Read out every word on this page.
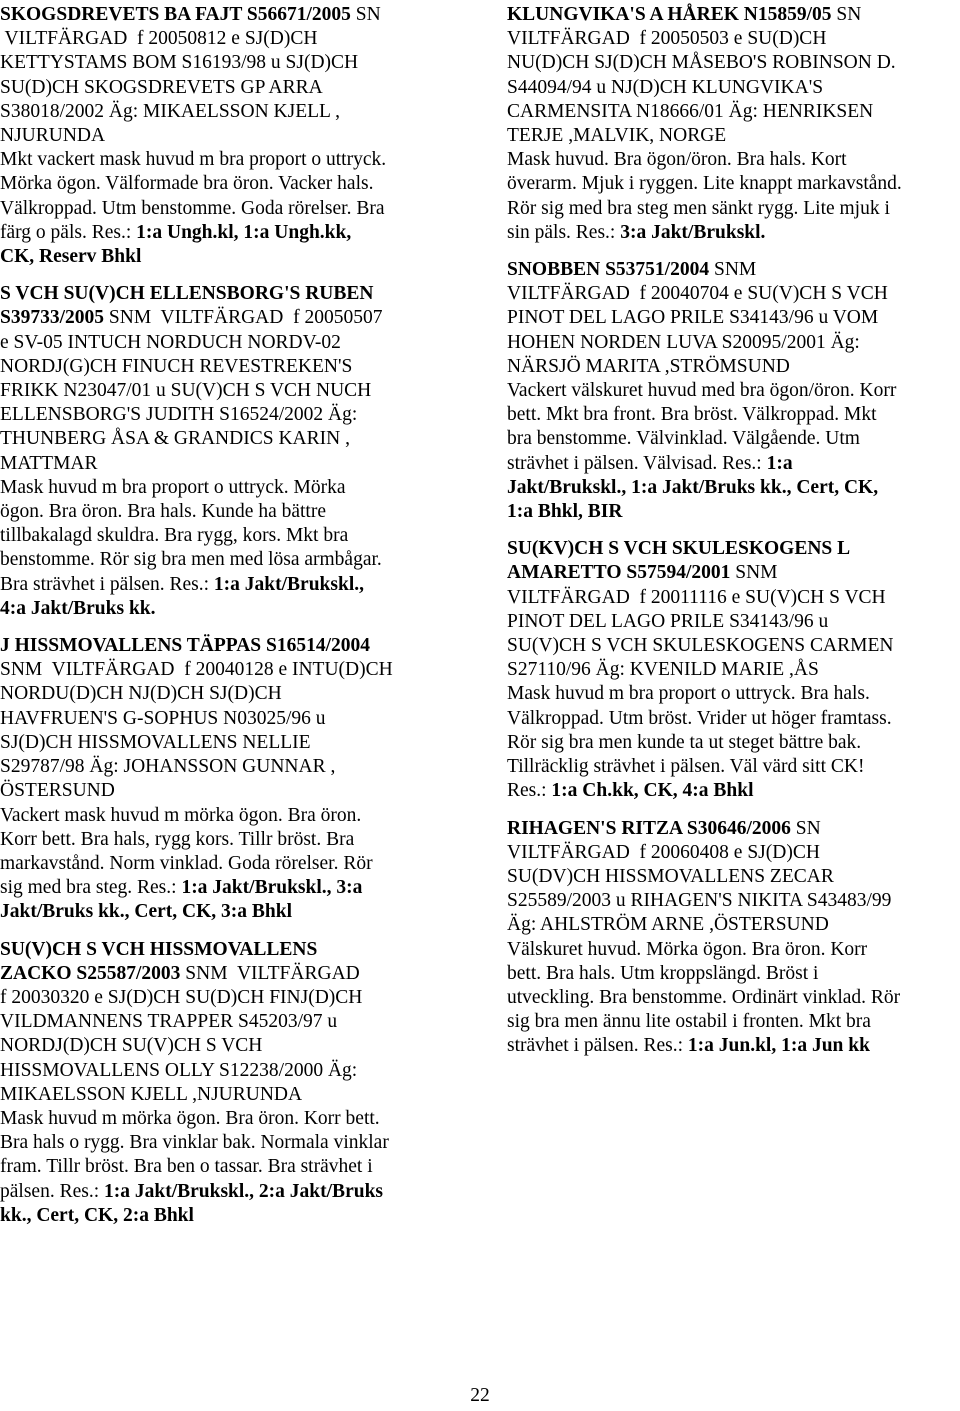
SKOGSDREVETS BA FAJT S56671/2005 SN
VILTFÄRGAD  f 20050812 e SJ(D)CH
KETTYSTAMS BOM S16193/98 u SJ(D)CH
SU(D)CH SKOGSDREVETS GP ARRA
S38018/2002 Äg: MIKAELSSON KJELL ,
NJURUNDA
Mkt vackert mask huvud m bra proport o uttryck.
Mörka ögon. Välformade bra öron. Vacker hals.
Välkroppad. Utm benstomme. Goda rörelser. Bra
färg o päls. Res.: 1:a Ungh.kl, 1:a Ungh.kk,
CK, Reserv Bhkl
S VCH SU(V)CH ELLENSBORG'S RUBEN
S39733/2005 SNM  VILTFÄRGAD  f 20050507
e SV-05 INTUCH NORDUCH NORDV-02
NORDJ(G)CH FINUCH REVESTREKEN'S
FRIKK N23047/01 u SU(V)CH S VCH NUCH
ELLENSBORG'S JUDITH S16524/2002 Äg:
THUNBERG ÅSA & GRANDICS KARIN ,
MATTMAR
Mask huvud m bra proport o uttryck. Mörka
ögon. Bra öron. Bra hals. Kunde ha bättre
tillbakalagd skuldra. Bra rygg, kors. Mkt bra
benstomme. Rör sig bra men med lösa armbågar.
Bra strävhet i pälsen. Res.: 1:a Jakt/Brukskl.,
4:a Jakt/Bruks kk.
J HISSMOVALLENS TÄPPAS S16514/2004
SNM  VILTFÄRGAD  f 20040128 e INTU(D)CH
NORDU(D)CH NJ(D)CH SJ(D)CH
HAVFRUEN'S G-SOPHUS N03025/96 u
SJ(D)CH HISSMOVALLENS NELLIE
S29787/98 Äg: JOHANSSON GUNNAR ,
ÖSTERSUND
Vackert mask huvud m mörka ögon. Bra öron.
Korr bett. Bra hals, rygg kors. Tillr bröst. Bra
markavstånd. Norm vinklad. Goda rörelser. Rör
sig med bra steg. Res.: 1:a Jakt/Brukskl., 3:a
Jakt/Bruks kk., Cert, CK, 3:a Bhkl
SU(V)CH S VCH HISSMOVALLENS
ZACKO S25587/2003 SNM  VILTFÄRGAD
f 20030320 e SJ(D)CH SU(D)CH FINJ(D)CH
VILDMANNENS TRAPPER S45203/97 u
NORDJ(D)CH SU(V)CH S VCH
HISSMOVALLENS OLLY S12238/2000 Äg:
MIKAELSSON KJELL ,NJURUNDA
Mask huvud m mörka ögon. Bra öron. Korr bett.
Bra hals o rygg. Bra vinklar bak. Normala vinklar
fram. Tillr bröst. Bra ben o tassar. Bra strävhet i
pälsen. Res.: 1:a Jakt/Brukskl., 2:a Jakt/Bruks
kk., Cert, CK, 2:a Bhkl
KLUNGVIKA'S A HÅREK N15859/05 SN
VILTFÄRGAD  f 20050503 e SU(D)CH
NU(D)CH SJ(D)CH MÅSEBO'S ROBINSON D.
S44094/94 u NJ(D)CH KLUNGVIKA'S
CARMENSITA N18666/01 Äg: HENRIKSEN
TERJE ,MALVIK, NORGE
Mask huvud. Bra ögon/öron. Bra hals. Kort
överarm. Mjuk i ryggen. Lite knappt markavstånd.
Rör sig med bra steg men sänkt rygg. Lite mjuk i
sin päls. Res.: 3:a Jakt/Brukskl.
SNOBBEN S53751/2004 SNM
VILTFÄRGAD  f 20040704 e SU(V)CH S VCH
PINOT DEL LAGO PRILE S34143/96 u VOM
HOHEN NORDEN LUVA S20095/2001 Äg:
NÄRSJÖ MARITA ,STRÖMSUND
Vackert välskuret huvud med bra ögon/öron. Korr
bett. Mkt bra front. Bra bröst. Välkroppad. Mkt
bra benstomme. Välvinklad. Välgående. Utm
strävhet i pälsen. Välvisad. Res.: 1:a
Jakt/Brukskl., 1:a Jakt/Bruks kk., Cert, CK,
1:a Bhkl, BIR
SU(KV)CH S VCH SKULESKOGENS L
AMARETTO S57594/2001 SNM
VILTFÄRGAD  f 20011116 e SU(V)CH S VCH
PINOT DEL LAGO PRILE S34143/96 u
SU(V)CH S VCH SKULESKOGENS CARMEN
S27110/96 Äg: KVENILD MARIE ,ÅS
Mask huvud m bra proport o uttryck. Bra hals.
Välkroppad. Utm bröst. Vrider ut höger framtass.
Rör sig bra men kunde ta ut steget bättre bak.
Tillräcklig strävhet i pälsen. Väl värd sitt CK!
Res.: 1:a Ch.kk, CK, 4:a Bhkl
RIHAGEN'S RITZA S30646/2006 SN
VILTFÄRGAD  f 20060408 e SJ(D)CH
SU(DV)CH HISSMOVALLENS ZECAR
S25589/2003 u RIHAGEN'S NIKITA S43483/99
Äg: AHLSTRÖM ARNE ,ÖSTERSUND
Välskuret huvud. Mörka ögon. Bra öron. Korr
bett. Bra hals. Utm kroppslängd. Bröst i
utveckling. Bra benstomme. Ordinärt vinklad. Rör
sig bra men ännu lite ostabil i fronten. Mkt bra
strävhet i pälsen. Res.: 1:a Jun.kl, 1:a Jun kk
22
